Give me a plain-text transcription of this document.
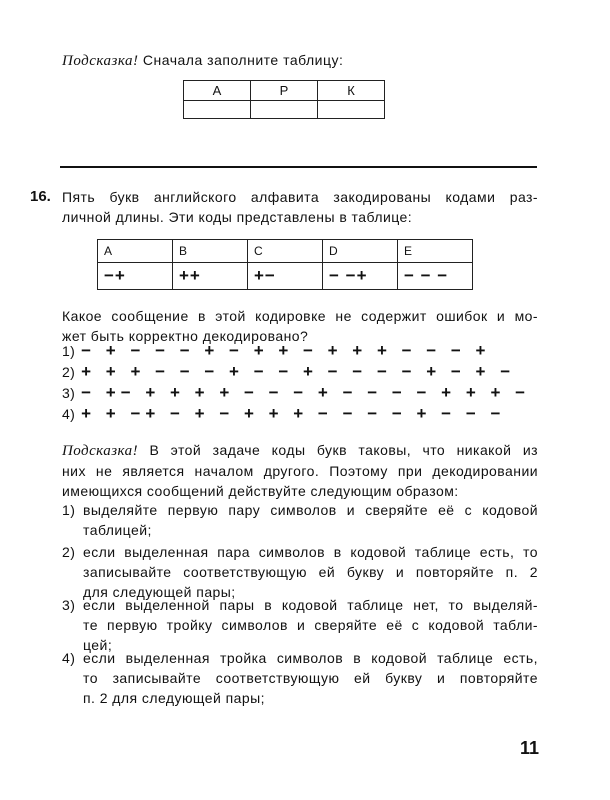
Подсказка! Сначала заполните таблицу:
А	Р	К

16. Пять букв английского алфавита закодированы кодами раз-
личной длины. Эти коды представлены в таблице:
A	B	C	D	E
−+	++	+−	− −+	− − −
Какое сообщение в этой кодировке не содержит ошибок и мо-
жет быть корректно декодировано?
1) − + − − − + − + + − + + + − − − +
2) + + + − − − + − − + − − − − + − + −
3) − +− + + + + − − − + − − − − + + + −
4) + + −+ − + − + + + − − − − + − − −
Подсказка! В этой задаче коды букв таковы, что никакой из
них не является началом другого. Поэтому при декодировании
имеющихся сообщений действуйте следующим образом:
1) выделяйте первую пару символов и сверяйте её с кодовой
таблицей;
2) если выделенная пара символов в кодовой таблице есть, то
записывайте соответствующую ей букву и повторяйте п. 2
для следующей пары;
3) если выделенной пары в кодовой таблице нет, то выделяй-
те первую тройку символов и сверяйте её с кодовой табли-
цей;
4) если выделенная тройка символов в кодовой таблице есть,
то записывайте соответствующую ей букву и повторяйте
п. 2 для следующей пары;
11
